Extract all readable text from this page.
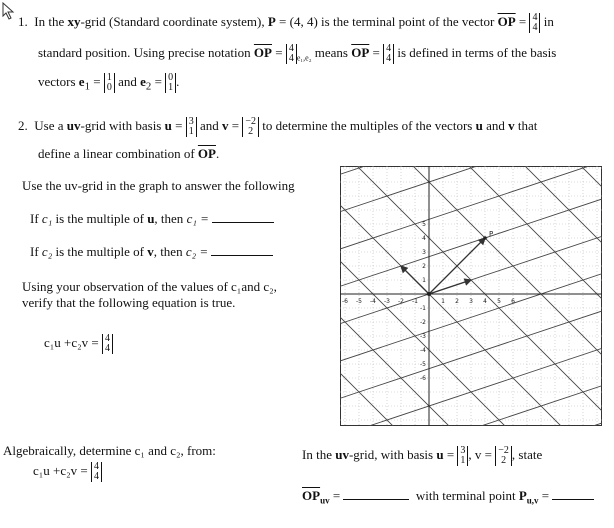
1. In the xy-grid (Standard coordinate system), P = (4, 4) is the terminal point of the vector $\overline{OP} = 4$
4 in
standard position. Using precise notation $\overline{OP} = 4$
4 $_{e_1,e_2}$ means $\overline{OP} = 4$
4 is defined in terms of the basis
vectors $e_1 = 1$
0 and $e_2 = 0$
1 .
2. Use a uv-grid with basis u = 3
1 and v = −2
2 to determine the multiples of the vectors u and v that
define a linear combination of $\overline{OP}$.
Use the uv-grid in the graph to answer the following
If c₁ is the multiple of u, then c₁ =
If c₂ is the multiple of v, then c₂ =
Using your observation of the values of c₁and c₂,
verify that the following equation is true.
c₁u +c₂v = 4
4
Algebraically, determine c₁ and c₂, from:
c₁u +c₂v = 4
4
In the uv-grid, with basis u = 3
1 , v = −2
2 , state
$\overline{OP}_{uv}$ =	with terminal point $P_{u,v}$ =
-6 -5 -4 -3 -2 -1	1 2 3 4 5 6
5
4
3
2
1
-1
-2
-3
-4
-5
-6
P
